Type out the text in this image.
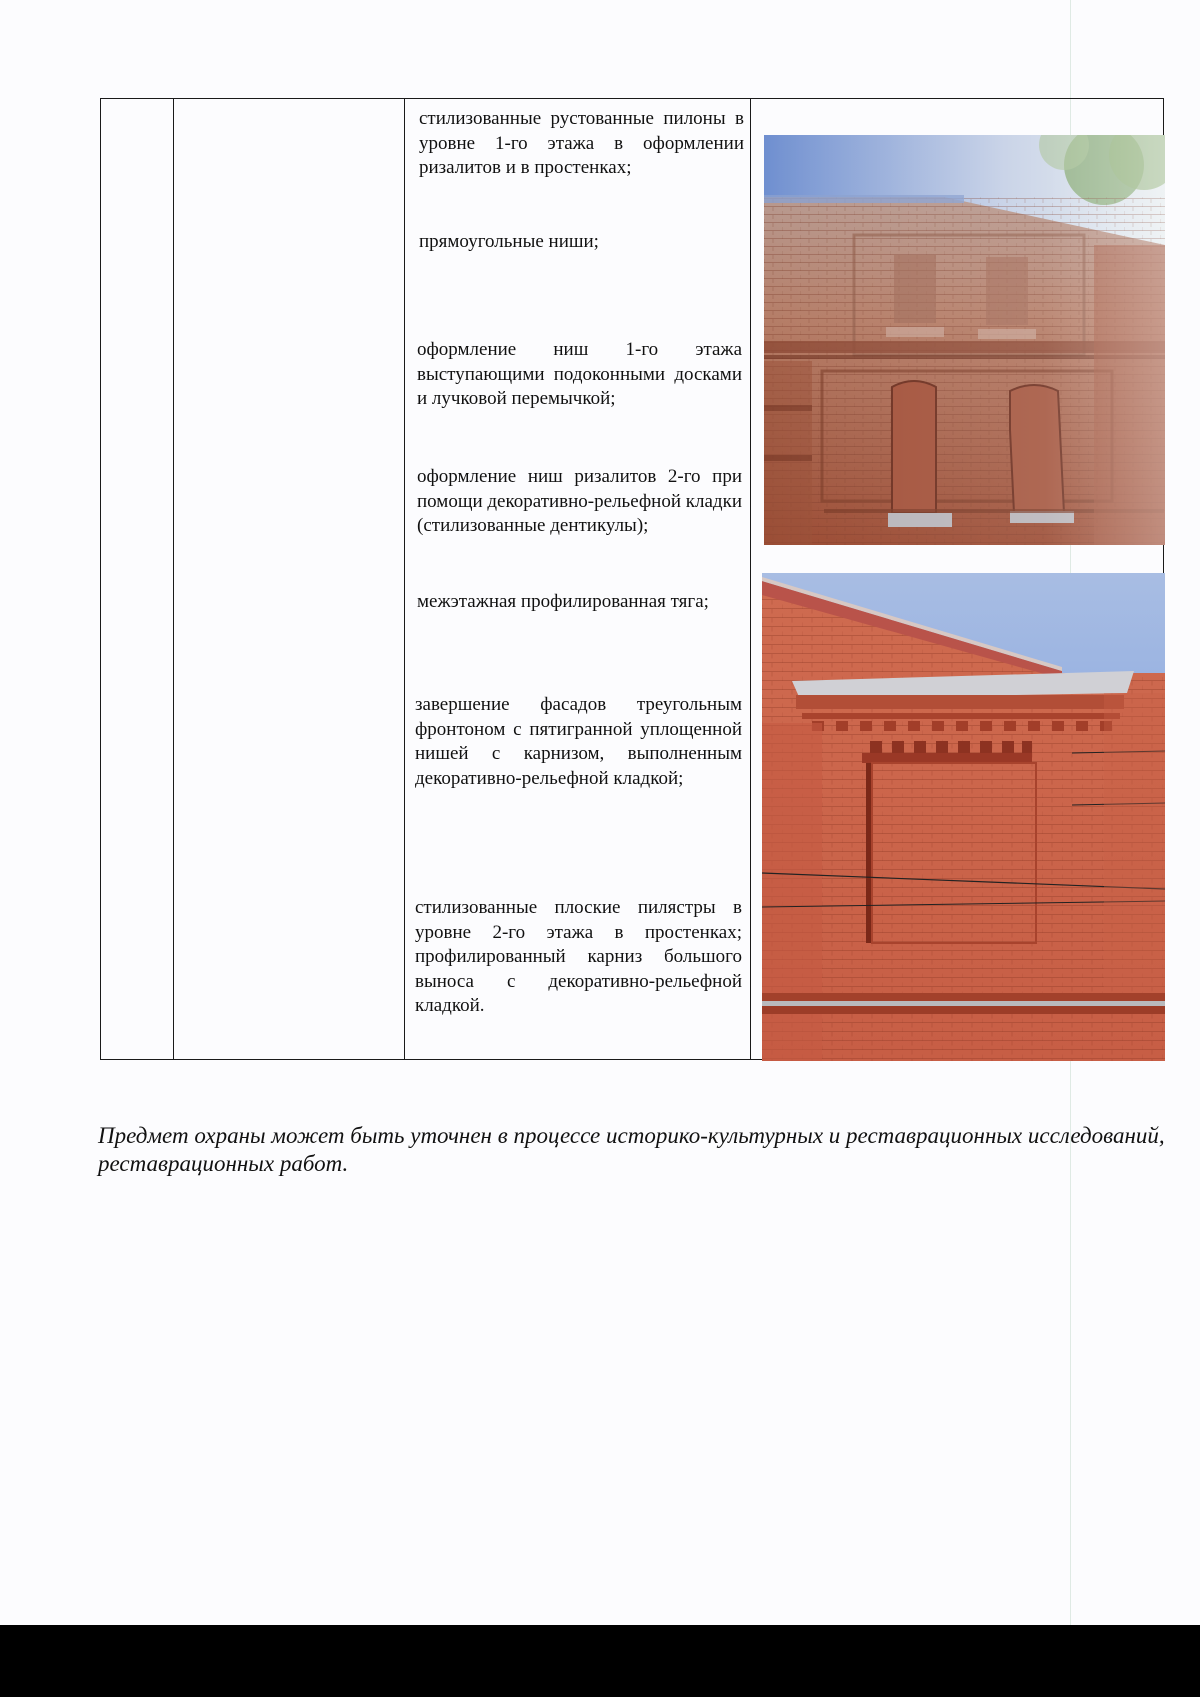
стилизованные рустованные пилоны в уровне 1-го этажа в оформлении ризалитов и в простенках;

прямоугольные ниши;

оформление ниш 1-го этажа выступающими подоконными досками и лучковой перемычкой;

оформление ниш ризалитов 2-го при помощи декоративно-рельефной кладки (стилизованные дентикулы);

межэтажная профилированная тяга;

завершение фасадов треугольным фронтоном с пятигранной уплощенной нишей с карнизом, выполненным декоративно-рельефной кладкой;

стилизованные плоские пилястры в уровне 2-го этажа в простенках; профилированный карниз большого выноса с декоративно-рельефной кладкой.

Предмет охраны может быть уточнен в процессе историко-культурных и реставрационных исследований, реставрационных работ.
